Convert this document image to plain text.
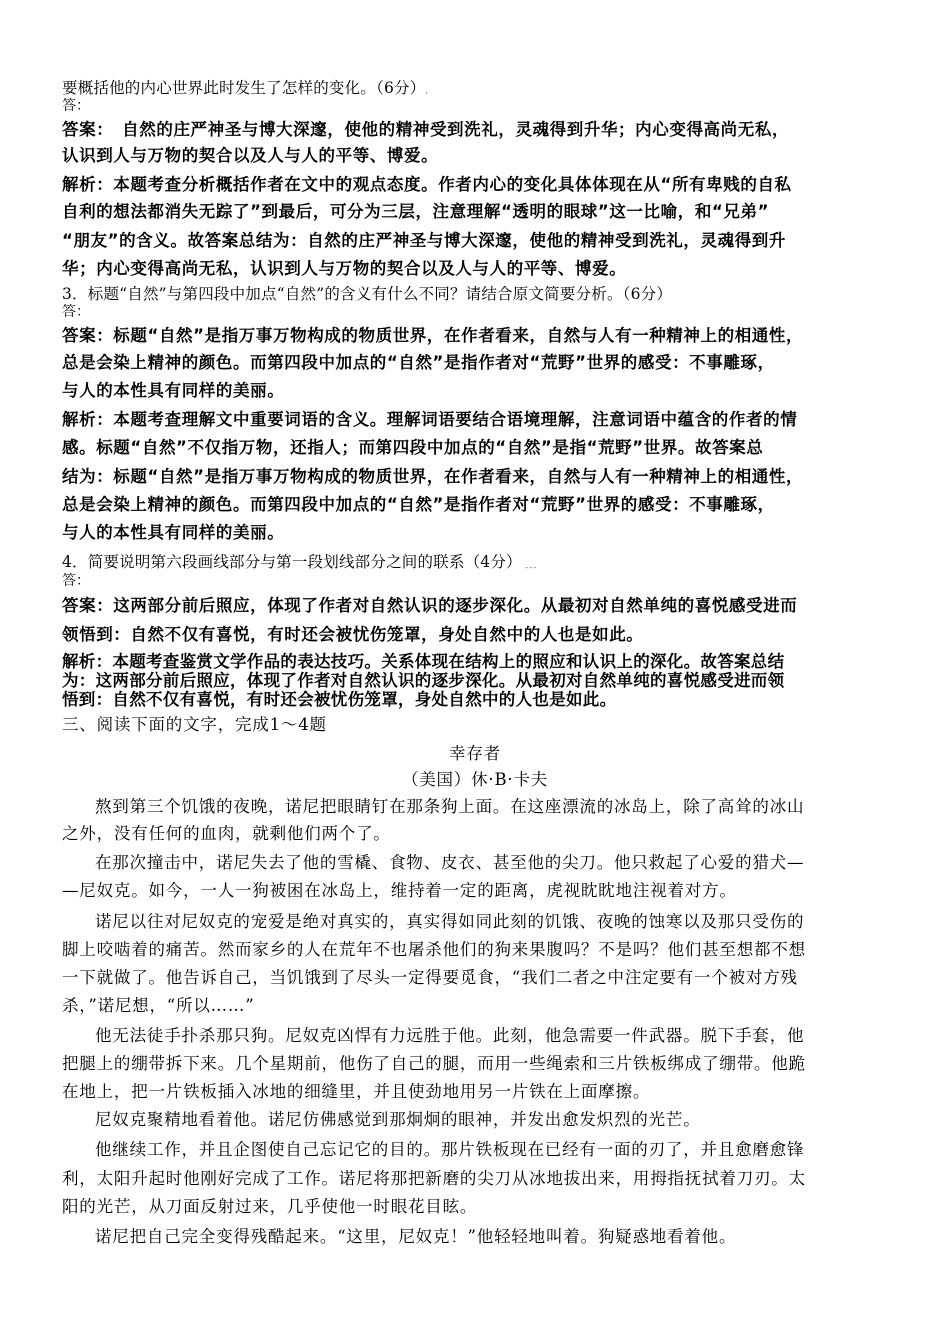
要概括他的内心世界此时发生了怎样的变化。（6分）ˌ
答：
答案：　自然的庄严神圣与博大深邃，使他的精神受到洗礼，灵魂得到升华；内心变得高尚无私，
认识到人与万物的契合以及人与人的平等、博爱。
解析：本题考查分析概括作者在文中的观点态度。作者内心的变化具体体现在从“所有卑贱的自私
自利的想法都消失无踪了”到最后，可分为三层，注意理解“透明的眼球”这一比喻，和“兄弟”
“朋友”的含义。故答案总结为：自然的庄严神圣与博大深邃，使他的精神受到洗礼，灵魂得到升
华；内心变得高尚无私，认识到人与万物的契合以及人与人的平等、博爱。
3．标题“自然”与第四段中加点“自然”的含义有什么不同？请结合原文简要分析。（6分）
答：
答案：标题“自然”是指万事万物构成的物质世界，在作者看来，自然与人有一种精神上的相通性，
总是会染上精神的颜色。而第四段中加点的“自然”是指作者对“荒野”世界的感受：不事雕琢，
与人的本性具有同样的美丽。
解析：本题考查理解文中重要词语的含义。理解词语要结合语境理解，注意词语中蕴含的作者的情
感。标题“自然”不仅指万物，还指人；而第四段中加点的“自然”是指“荒野”世界。故答案总
结为：标题“自然”是指万事万物构成的物质世界，在作者看来，自然与人有一种精神上的相通性，
总是会染上精神的颜色。而第四段中加点的“自然”是指作者对“荒野”世界的感受：不事雕琢，
与人的本性具有同样的美丽。
4．简要说明第六段画线部分与第一段划线部分之间的联系（4分） ˍˍˍ
答：
答案：这两部分前后照应，体现了作者对自然认识的逐步深化。从最初对自然单纯的喜悦感受进而
领悟到：自然不仅有喜悦，有时还会被忧伤笼罩，身处自然中的人也是如此。
解析：本题考查鉴赏文学作品的表达技巧。关系体现在结构上的照应和认识上的深化。故答案总结
为：这两部分前后照应，体现了作者对自然认识的逐步深化。从最初对自然单纯的喜悦感受进而领
悟到：自然不仅有喜悦，有时还会被忧伤笼罩，身处自然中的人也是如此。
三、阅读下面的文字，完成1～4题
幸存者
（美国）休·B·卡夫
熬到第三个饥饿的夜晚，诺尼把眼睛钉在那条狗上面。在这座漂流的冰岛上，除了高耸的冰山
之外，没有任何的血肉，就剩他们两个了。
在那次撞击中，诺尼失去了他的雪橇、食物、皮衣、甚至他的尖刀。他只救起了心爱的猎犬—
—尼奴克。如今，一人一狗被困在冰岛上，维持着一定的距离，虎视眈眈地注视着对方。
诺尼以往对尼奴克的宠爱是绝对真实的，真实得如同此刻的饥饿、夜晚的蚀寒以及那只受伤的
脚上咬啮着的痛苦。然而家乡的人在荒年不也屠杀他们的狗来果腹吗？不是吗？他们甚至想都不想
一下就做了。他告诉自己，当饥饿到了尽头一定得要觅食，“我们二者之中注定要有一个被对方残
杀，”诺尼想，“所以……”
他无法徒手扑杀那只狗。尼奴克凶悍有力远胜于他。此刻，他急需要一件武器。脱下手套，他
把腿上的绷带拆下来。几个星期前，他伤了自己的腿，而用一些绳索和三片铁板绑成了绷带。他跪
在地上，把一片铁板插入冰地的细缝里，并且使劲地用另一片铁在上面摩擦。
尼奴克聚精地看着他。诺尼仿佛感觉到那炯炯的眼神，并发出愈发炽烈的光芒。
他继续工作，并且企图使自己忘记它的目的。那片铁板现在已经有一面的刃了，并且愈磨愈锋
利，太阳升起时他刚好完成了工作。诺尼将那把新磨的尖刀从冰地拔出来，用拇指抚拭着刀刃。太
阳的光芒，从刀面反射过来，几乎使他一时眼花目眩。
诺尼把自己完全变得残酷起来。“这里，尼奴克！”他轻轻地叫着。狗疑惑地看着他。
